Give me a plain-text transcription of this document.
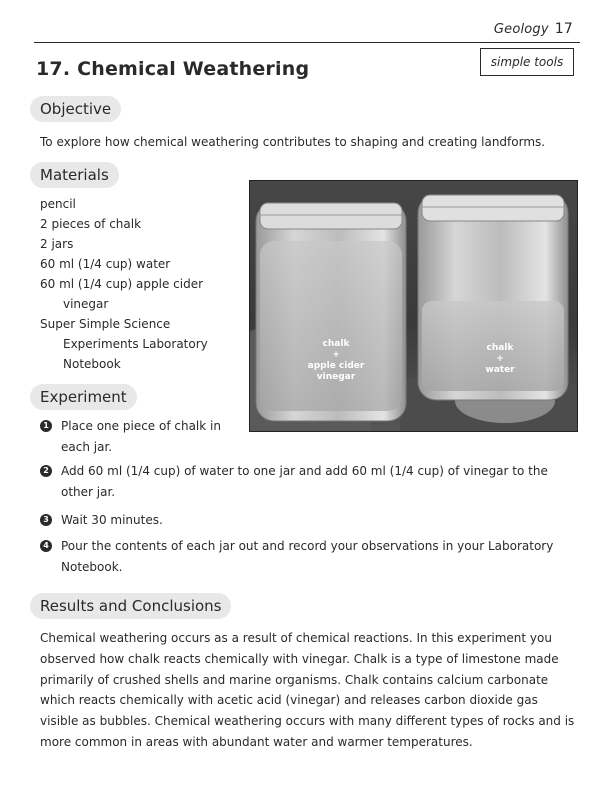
Geology 17
17. Chemical Weathering	simple tools
Objective
To explore how chemical weathering contributes to shaping and creating landforms.
Materials
pencil
2 pieces of chalk
2 jars
60 ml (1/4 cup) water
60 ml (1/4 cup) apple cider vinegar
Super Simple Science Experiments Laboratory Notebook
chalk
+
apple cider
vinegar
chalk
+
water
Experiment
1 Place one piece of chalk in each jar.
2 Add 60 ml (1/4 cup) of water to one jar and add 60 ml (1/4 cup) of vinegar to the other jar.
3 Wait 30 minutes.
4 Pour the contents of each jar out and record your observations in your Laboratory Notebook.
Results and Conclusions
Chemical weathering occurs as a result of chemical reactions. In this experiment you observed how chalk reacts chemically with vinegar. Chalk is a type of limestone made primarily of crushed shells and marine organisms. Chalk contains calcium carbonate which reacts chemically with acetic acid (vinegar) and releases carbon dioxide gas visible as bubbles. Chemical weathering occurs with many different types of rocks and is more common in areas with abundant water and warmer temperatures.
